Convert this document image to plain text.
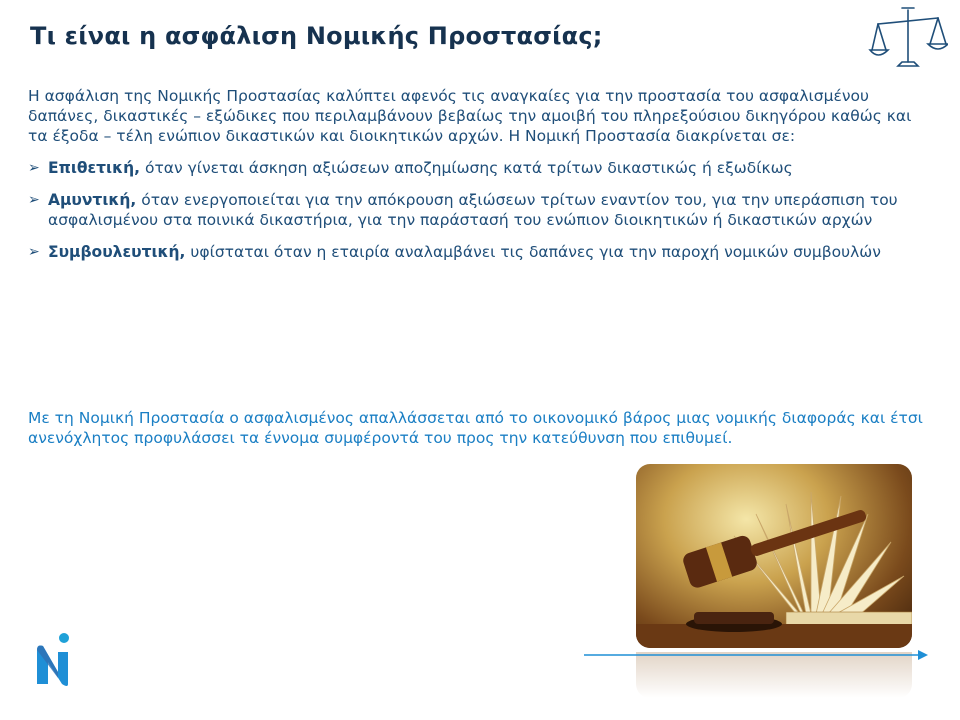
Τι είναι η ασφάλιση Νομικής Προστασίας;

Η ασφάλιση της Νομικής Προστασίας καλύπτει αφενός τις αναγκαίες για την προστασία του ασφαλισμένου δαπάνες, δικαστικές – εξώδικες που περιλαμβάνουν βεβαίως την αμοιβή του πληρεξούσιου δικηγόρου καθώς και τα έξοδα – τέλη ενώπιον δικαστικών και διοικητικών αρχών. Η Νομική Προστασία διακρίνεται σε:

➢ Επιθετική, όταν γίνεται άσκηση αξιώσεων αποζημίωσης κατά τρίτων δικαστικώς ή εξωδίκως
➢ Αμυντική, όταν ενεργοποιείται για την απόκρουση αξιώσεων τρίτων εναντίον του, για την υπεράσπιση του ασφαλισμένου στα ποινικά δικαστήρια, για την παράστασή του ενώπιον διοικητικών ή δικαστικών αρχών
➢ Συμβουλευτική, υφίσταται όταν η εταιρία αναλαμβάνει τις δαπάνες για την παροχή νομικών συμβουλών

Με τη Νομική Προστασία ο ασφαλισμένος απαλλάσσεται από το οικονομικό βάρος μιας νομικής διαφοράς και έτσι ανενόχλητος προφυλάσσει τα έννομα συμφέροντά του προς την κατεύθυνση που επιθυμεί.
